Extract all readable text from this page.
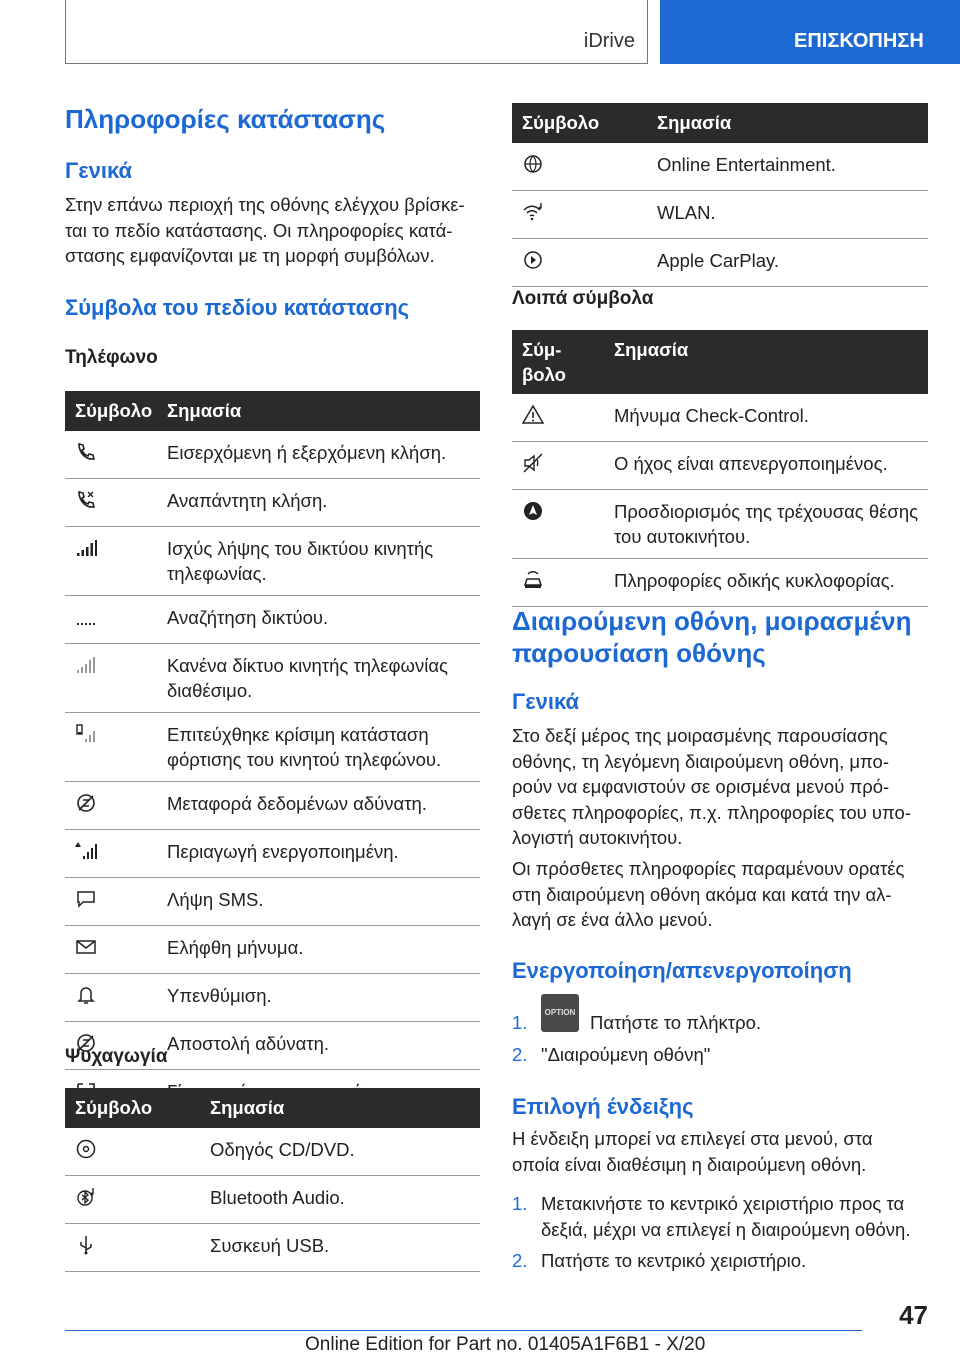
iDrive	ΕΠΙΣΚΟΠΗΣΗ
Πληροφορίες κατάστασης
Γενικά

Στην επάνω περιοχή της οθόνης ελέγχου βρίσκε-
ται το πεδίο κατάστασης. Οι πληροφορίες κατά-
στασης εμφανίζονται με τη μορφή συμβόλων.

Σύμβολα του πεδίου κατάστασης
Τηλέφωνο
Σύμβολο	Σημασία

	Εισερχόμενη ή εξερχόμενη κλήση.

	Αναπάντητη κλήση.

	Ισχύς λήψης του δικτύου κινητής τηλεφωνίας.

	Αναζήτηση δικτύου.

	Κανένα δίκτυο κινητής τηλεφωνίας διαθέσιμο.

	Επιτεύχθηκε κρίσιμη κατάσταση φόρτισης του κινητού τηλεφώνου.

	Μεταφορά δεδομένων αδύνατη.

	Περιαγωγή ενεργοποιημένη.

	Λήψη SMS.

	Ελήφθη μήνυμα.

	Υπενθύμιση.

	Αποστολή αδύνατη.

Ψυχαγωγία
Σύμβολο	Σημασία

	Οδηγός CD/DVD.

	Bluetooth Audio.

	Συσκευή USB.
Σύμβολο	Σημασία

	Online Entertainment.

	WLAN.

	Apple CarPlay.
Λοιπά σύμβολα
Σύμ-
βολο	Σημασία

	Μήνυμα Check-Control.

	Ο ήχος είναι απενεργοποιημένος.

	Προσδιορισμός της τρέχουσας θέσης του αυτοκινήτου.

	Πληροφορίες οδικής κυκλοφορίας.
Διαιρούμενη οθόνη, μοιρασμένη
παρουσίαση οθόνης
Γενικά

Στο δεξί μέρος της μοιρασμένης παρουσίασης
οθόνης, τη λεγόμενη διαιρούμενη οθόνη, μπο-
ρούν να εμφανιστούν σε ορισμένα μενού πρό-
σθετες πληροφορίες, π.χ. πληροφορίες του υπο-
λογιστή αυτοκινήτου.

Οι πρόσθετες πληροφορίες παραμένουν ορατές
στη διαιρούμενη οθόνη ακόμα και κατά την αλ-
λαγή σε ένα άλλο μενού.

Ενεργοποίηση/απενεργοποίηση
1.	OPTION Πατήστε το πλήκτρο.
2. "Διαιρούμενη οθόνη"
Επιλογή ένδειξης

Η ένδειξη μπορεί να επιλεγεί στα μενού, στα
οποία είναι διαθέσιμη η διαιρούμενη οθόνη.

1. Μετακινήστε το κεντρικό χειριστήριο προς τα
δεξιά, μέχρι να επιλεγεί η διαιρούμενη οθόνη.
2. Πατήστε το κεντρικό χειριστήριο.
47
Online Edition for Part no. 01405A1F6B1 - X/20
